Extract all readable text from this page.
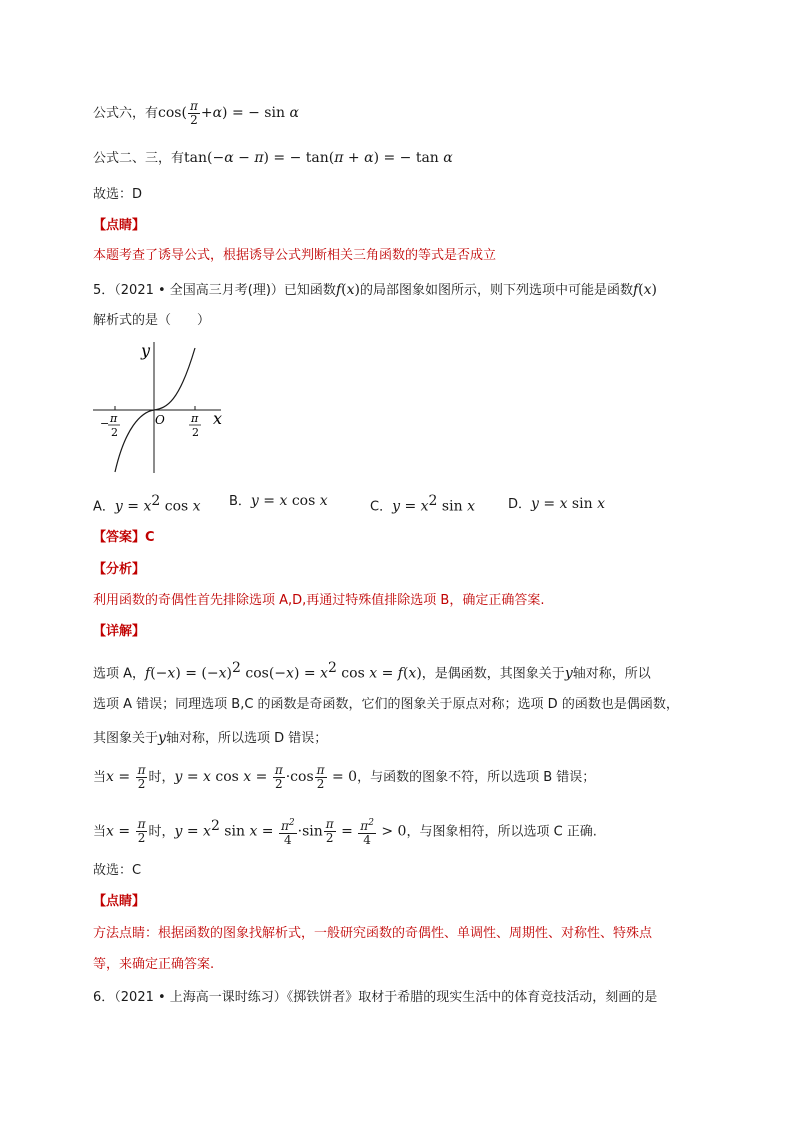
公式六，有$\cos( \frac{\pi}{2} +\alpha)$ = − sin α
公式二、三，有tan(−α − π) = − tan(π + α) = − tan α
故选：D
【点睛】
本题考查了诱导公式，根据诱导公式判断相关三角函数的等式是否成立
5．（2021 • 全国高三月考(理)）已知函数f(x)的局部图象如图所示，则下列选项中可能是函数f(x)
解析式的是（　　）
y
x
O
− π
2
π
2
A．$y = x^2$ cos x B．y = x cos x	C．$y = x^2$ sin x	D．y = x sin x
【答案】C
【分析】
利用函数的奇偶性首先排除选项 A,D,再通过特殊值排除选项 B，确定正确答案.
【详解】
选项 A，$f(-x) = (-x)^2$ $\cos(-x) = x^2$ cos x = f(x)，是偶函数，其图象关于y轴对称，所以
选项 A 错误；同理选项 B,C 的函数是奇函数，它们的图象关于原点对称；选项 D 的函数也是偶函数，
其图象关于y轴对称，所以选项 D 错误；
当$x = \frac{\pi}{2}$ 时，y = x $\cos x = \frac{\pi}{2} \cdot\cos \frac{\pi}{2} = 0$，与函数的图象不符，所以选项 B 错误；
当$x = \frac{\pi}{2}$ 时，$y = x^2$ $\sin x = \frac{\pi^2}{4} \cdot\sin \frac{\pi}{2} = \frac{\pi^2}{4} > 0$，与图象相符，所以选项 C 正确.
故选：C
【点睛】
方法点睛：根据函数的图象找解析式，一般研究函数的奇偶性、单调性、周期性、对称性、特殊点
等，来确定正确答案.
6．（2021 • 上海高一课时练习）《掷铁饼者》取材于希腊的现实生活中的体育竞技活动，刻画的是
